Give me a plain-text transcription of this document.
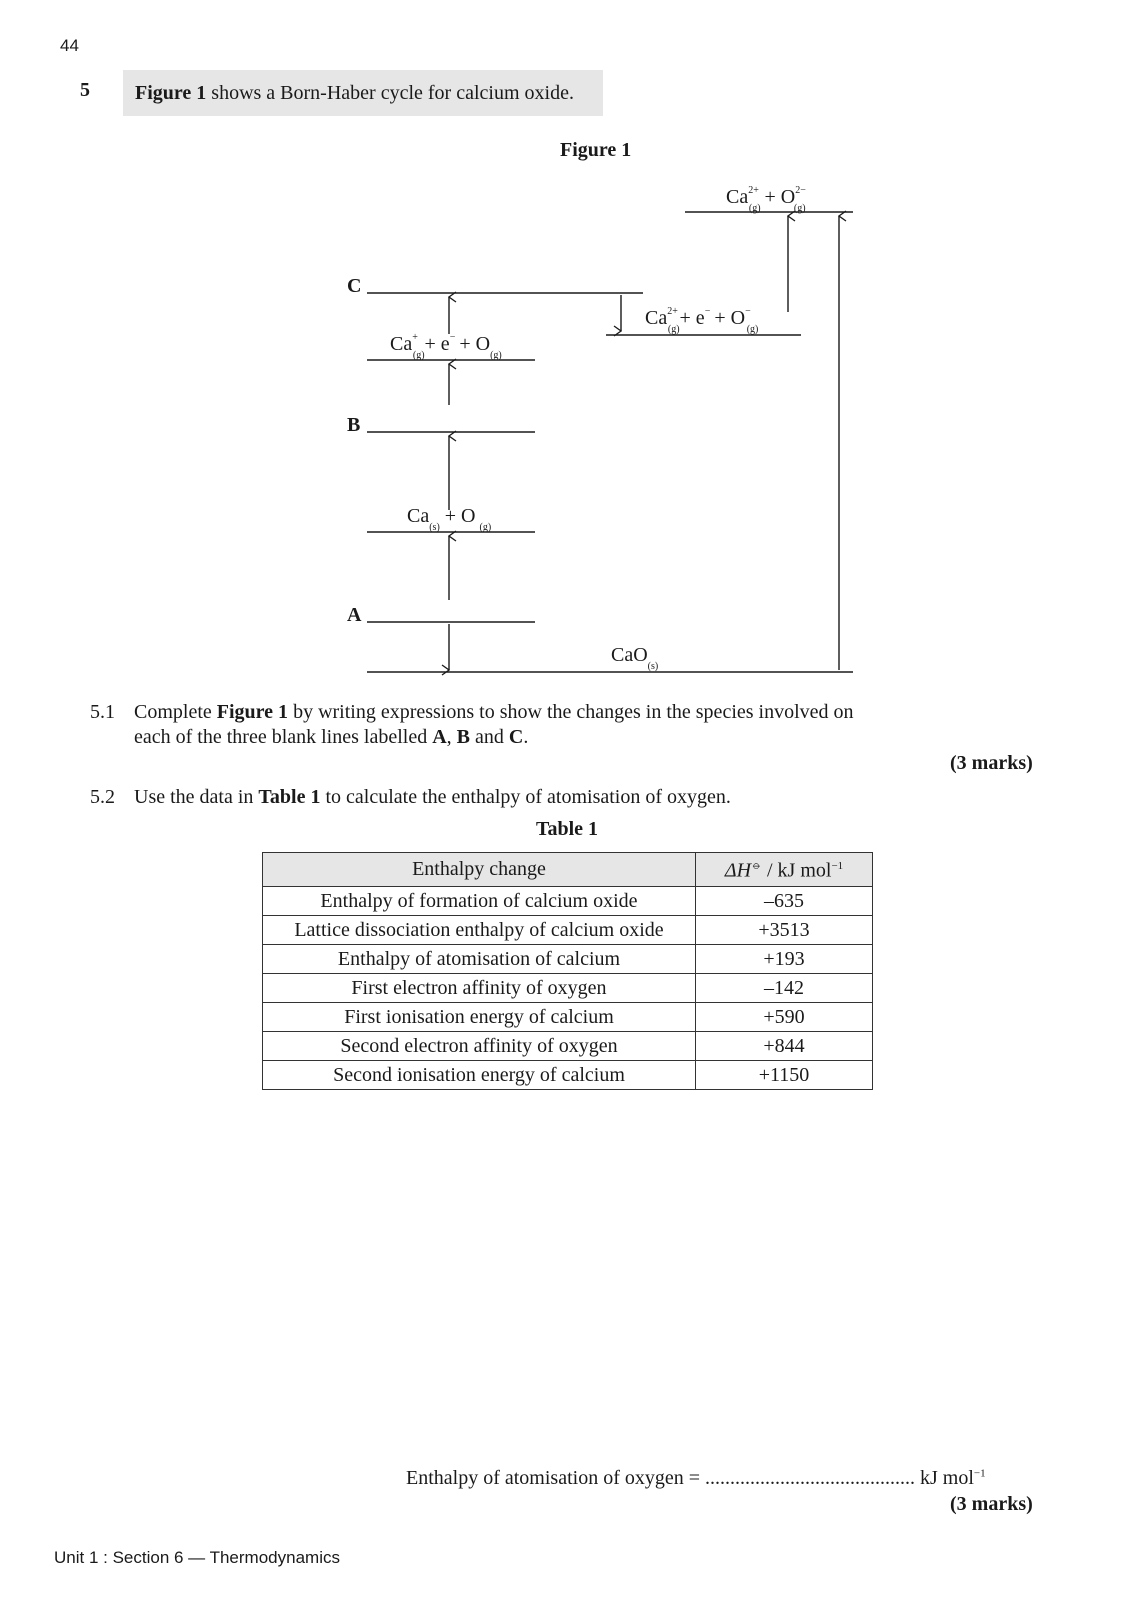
44
5	Figure 1 shows a Born-Haber cycle for calcium oxide.
Figure 1
C
B
A
$Ca^{2+}$ $(g)+ O^{2-}$ (g)
$Ca^{2+}$ (g)+ e− + O− (g)
Ca+ $(g)+ e^- + O_{(g)}$
$Ca_{(s)}+ O_{(g)}$
CaO$_{(s)}$
5.1 Complete Figure 1 by writing expressions to show the changes in the species involved on
each of the three blank lines labelled A, B and C.
(3 marks)
5.2 Use the data in Table 1 to calculate the enthalpy of atomisation of oxygen.
Table 1
Enthalpy change	ΔH⦵ / kJ mol$^{-1}$
Enthalpy of formation of calcium oxide	–635
Lattice dissociation enthalpy of calcium oxide	+3513
Enthalpy of atomisation of calcium	+193
First electron affinity of oxygen	–142
First ionisation energy of calcium	+590
Second electron affinity of oxygen	+844
Second ionisation energy of calcium	+1150
Enthalpy of atomisation of oxygen = .......................................... kJ mol$^{-1}$
(3 marks)
Unit 1 : Section 6 — Thermodynamics
